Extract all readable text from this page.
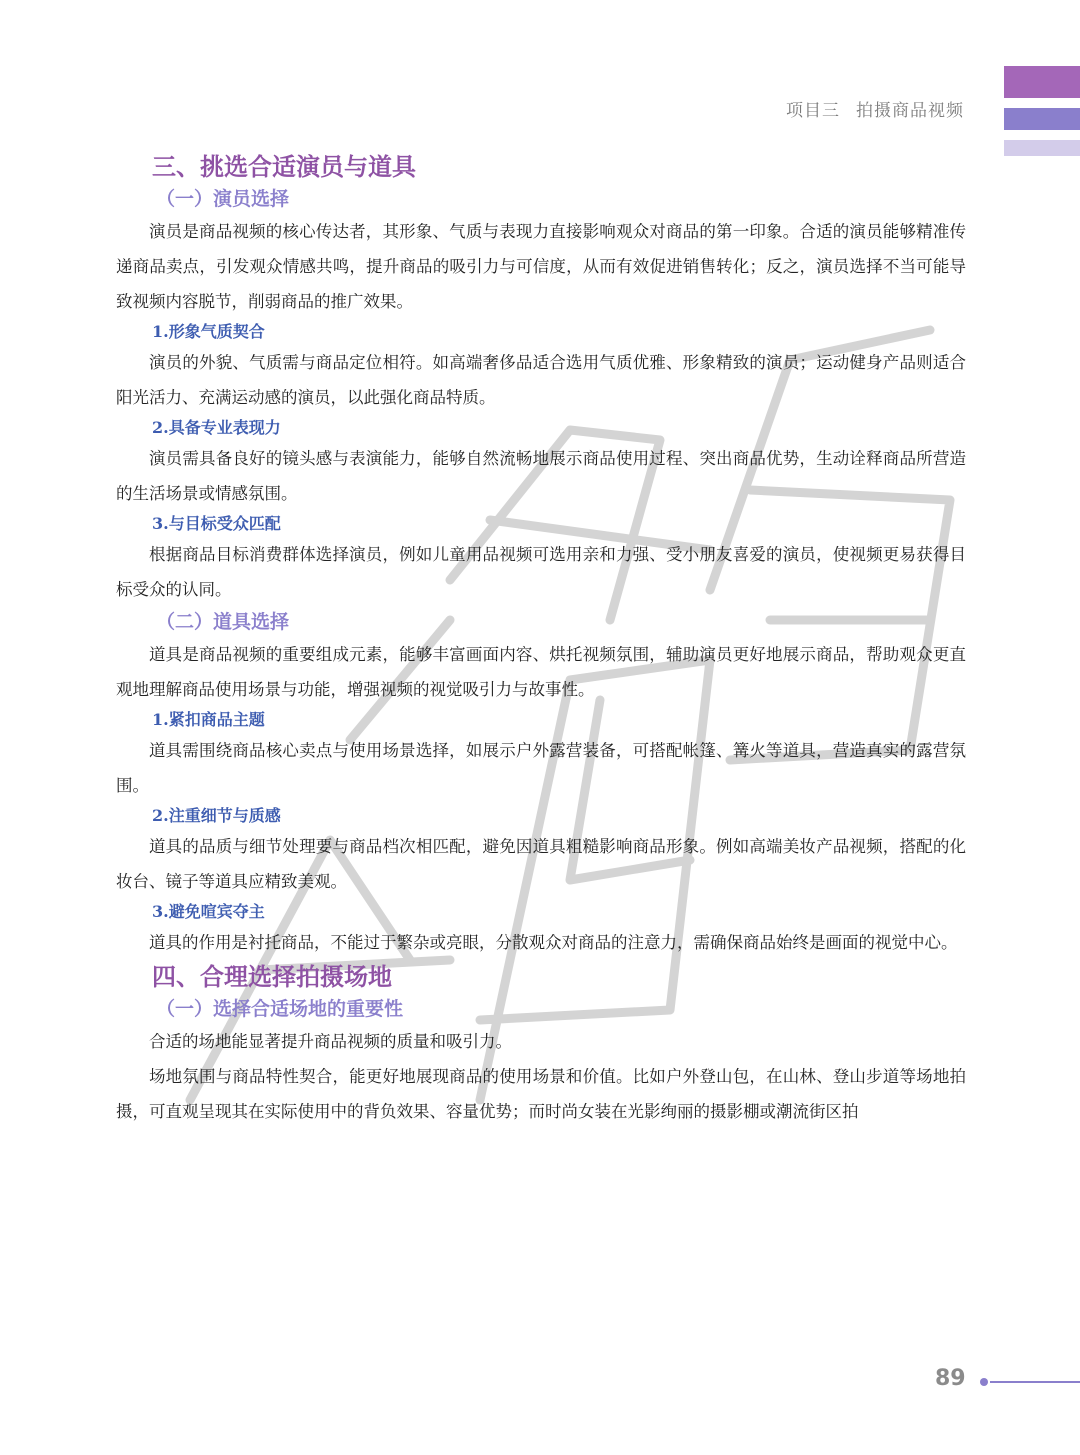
项目三 拍摄商品视频
三、挑选合适演员与道具
（一）演员选择

演员是商品视频的核心传达者，其形象、气质与表现力直接影响观众对商品的第一印象。合适的演员能够精准传递商品卖点，引发观众情感共鸣，提升商品的吸引力与可信度，从而有效促进销售转化；反之，演员选择不当可能导致视频内容脱节，削弱商品的推广效果。

1.形象气质契合

演员的外貌、气质需与商品定位相符。如高端奢侈品适合选用气质优雅、形象精致的演员；运动健身产品则适合阳光活力、充满运动感的演员，以此强化商品特质。

2.具备专业表现力

演员需具备良好的镜头感与表演能力，能够自然流畅地展示商品使用过程、突出商品优势，生动诠释商品所营造的生活场景或情感氛围。

3.与目标受众匹配

根据商品目标消费群体选择演员，例如儿童用品视频可选用亲和力强、受小朋友喜爱的演员，使视频更易获得目标受众的认同。

（二）道具选择

道具是商品视频的重要组成元素，能够丰富画面内容、烘托视频氛围，辅助演员更好地展示商品，帮助观众更直观地理解商品使用场景与功能，增强视频的视觉吸引力与故事性。

1.紧扣商品主题

道具需围绕商品核心卖点与使用场景选择，如展示户外露营装备，可搭配帐篷、篝火等道具，营造真实的露营氛围。

2.注重细节与质感

道具的品质与细节处理要与商品档次相匹配，避免因道具粗糙影响商品形象。例如高端美妆产品视频，搭配的化妆台、镜子等道具应精致美观。

3.避免喧宾夺主

道具的作用是衬托商品，不能过于繁杂或亮眼，分散观众对商品的注意力，需确保商品始终是画面的视觉中心。

四、合理选择拍摄场地
（一）选择合适场地的重要性

合适的场地能显著提升商品视频的质量和吸引力。

场地氛围与商品特性契合，能更好地展现商品的使用场景和价值。比如户外登山包，在山林、登山步道等场地拍摄，可直观呈现其在实际使用中的背负效果、容量优势；而时尚女装在光影绚丽的摄影棚或潮流街区拍

89
